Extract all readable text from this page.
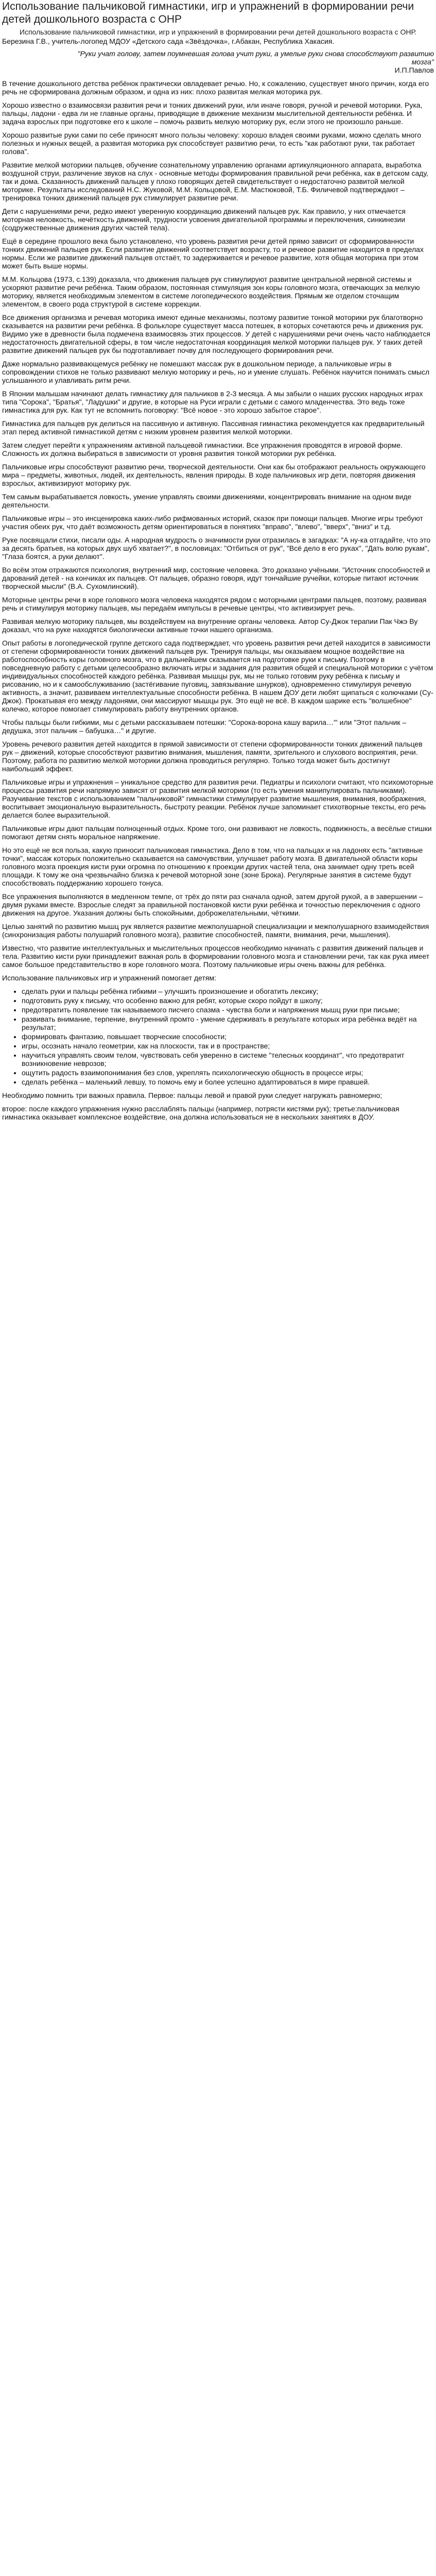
Использование пальчиковой гимнастики, игр и упражнений в формировании речи детей дошкольного возраста с ОНР
Использование пальчиковой гимнастики, игр и упражнений в формировании речи детей дошкольного возраста с ОНР.
Березина Г.В., учитель-логопед МДОУ «Детского сада «Звёздочка», г.Абакан, Республика Хакасия.
"Руки учат голову, затем поумневшая голова учит руки, а умелые руки снова способствуют развитию мозга"
И.П.Павлов

В течение дошкольного детства ребёнок практически овладевает речью. Но, к сожалению, существует много причин, когда его речь не сформирована должным образом, и одна из них: плохо развитая мелкая моторика рук.

Хорошо известно о взаимосвязи развития речи и тонких движений руки, или иначе говоря, ручной и речевой моторики. Рука, пальцы, ладони - едва ли не главные органы, приводящие в движение механизм мыслительной деятельности ребёнка. И задача взрослых при подготовке его к школе – помочь развить мелкую моторику рук, если этого не произошло раньше.

Хорошо развитые руки сами по себе приносят много пользы человеку: хорошо владея своими руками, можно сделать много полезных и нужных вещей, а развитая моторика рук способствует развитию речи, то есть "как работают руки, так работает голова".

Развитие мелкой моторики пальцев, обучение сознательному управлению органами артикуляционного аппарата, выработка воздушной струи, различение звуков на слух - основные методы формирования правильной речи ребёнка, как в детском саду, так и дома. Сказанность движений пальцев у плохо говорящих детей свидетельствует о недостаточно развитой мелкой моторике. Результаты исследований Н.С. Жуковой, М.М. Кольцовой, Е.М. Мастюковой, Т.Б. Филичевой подтверждают – тренировка тонких движений пальцев рук стимулирует развитие речи.

Дети с нарушениями речи, редко имеют уверенную координацию движений пальцев рук. Как правило, у них отмечается моторная неловкость, нечёткость движений, трудности усвоения двигательной программы и переключения, синкинезии (содружественные движения других частей тела).

Ещё в середине прошлого века было установлено, что уровень развития речи детей прямо зависит от сформированности тонких движений пальцев рук. Если развитие движений соответствует возрасту, то и речевое развитие находится в пределах нормы. Если же развитие движений пальцев отстаёт, то задерживается и речевое развитие, хотя общая моторика при этом может быть выше нормы.

М.М. Кольцова (1973, с.139) доказала, что движения пальцев рук стимулируют развитие центральной нервной системы и ускоряют развитие речи ребёнка. Таким образом, постоянная стимуляция зон коры головного мозга, отвечающих за мелкую моторику, является необходимым элементом в системе логопедического воздействия. Прямым же отделом сточащим элементом, в своего рода структурой в системе коррекции.

Все движения организма и речевая моторика имеют единые механизмы, поэтому развитие тонкой моторики рук благотворно сказывается на развитии речи ребёнка. В фольклоре существует масса потешек, в которых сочетаются речь и движения рук. Видимо уже в древности была подмечена взаимосвязь этих процессов. У детей с нарушениями речи очень часто наблюдается недостаточность двигательной сферы, в том числе недостаточная координация мелкой моторики пальцев рук. У таких детей развитие движений пальцев рук бы подготавливает почву для последующего формирования речи.

Даже нормально развивающемуся ребёнку не помешают массаж рук в дошкольном периоде, а пальчиковые игры в сопровождении стихов не только развивают мелкую моторику и речь, но и умение слушать. Ребёнок научится понимать смысл услышанного и улавливать ритм речи.

В Японии малышам начинают делать гимнастику для пальчиков в 2-3 месяца. А мы забыли о наших русских народных играх типа "Сорока", "Братья", "Ладушки" и другие, в которые на Руси играли с детьми с самого младенчества. Это ведь тоже гимнастика для рук. Как тут не вспомнить поговорку: "Всё новое - это хорошо забытое старое".

Гимнастика для пальцев рук делиться на пассивную и активную. Пассивная гимнастика рекомендуется как предварительный этап перед активной гимнастикой детям с низким уровнем развития мелкой моторики.

Затем следует перейти к упражнениям активной пальцевой гимнастики. Все упражнения проводятся в игровой форме. Сложность их должна выбираться в зависимости от уровня развития тонкой моторики рук ребёнка.

Пальчиковые игры способствуют развитию речи, творческой деятельности. Они как бы отображают реальность окружающего мира – предметы, животных, людей, их деятельность, явления природы. В ходе пальчиковых игр дети, повторяя движения взрослых, активизируют моторику рук.

Тем самым вырабатывается ловкость, умение управлять своими движениями, концентрировать внимание на одном виде деятельности.

Пальчиковые игры – это инсценировка каких-либо рифмованных историй, сказок при помощи пальцев. Многие игры требуют участия обеих рук, что даёт возможность детям ориентироваться в понятиях "вправо", "влево", "вверх", "вниз" и т.д.

Руке посвящали стихи, писали оды. А народная мудрость о значимости руки отразилась в загадках: "А ну-ка отгадайте, что это за десять братьев, на которых двух шуб хватает?", в пословицах: "Отбиться от рук", "Всё дело в его руках", "Дать волю рукам", "Глаза боятся, а руки делают".

Во всём этом отражаются психология, внутренний мир, состояние человека. Это доказано учёными. "Источник способностей и дарований детей - на кончиках их пальцев. От пальцев, образно говоря, идут тончайшие ручейки, которые питают источник творческой мысли" (В.А. Сухомлинский).

Моторные центры речи в коре головного мозга человека находятся рядом с моторными центрами пальцев, поэтому, развивая речь и стимулируя моторику пальцев, мы передаём импульсы в речевые центры, что активизирует речь.

Развивая мелкую моторику пальцев, мы воздействуем на внутренние органы человека. Автор Су-Джок терапии Пак Чжэ Ву доказал, что на руке находятся биологически активные точки нашего организма.

Опыт работы в логопедической группе детского сада подтверждает, что уровень развития речи детей находится в зависимости от степени сформированности тонких движений пальцев рук. Тренируя пальцы, мы оказываем мощное воздействие на работоспособность коры головного мозга, что в дальнейшем сказывается на подготовке руки к письму. Поэтому в повседневную работу с детьми целесообразно включать игры и задания для развития общей и специальной моторики с учётом индивидуальных способностей каждого ребёнка. Развивая мышцы рук, мы не только готовим руку ребёнка к письму и рисованию, но и к самообслуживанию (застёгивание пуговиц, завязывание шнурков), одновременно стимулируя речевую активность, а значит, развиваем интеллектуальные способности ребёнка. В нашем ДОУ дети любят щипаться с колючками (Су-Джок). Прокатывая его между ладонями, они массируют мышцы рук. Это ещё не всё. В каждом шарике есть "волшебное" колечко, которое помогает стимулировать работу внутренних органов.

Чтобы пальцы были гибкими, мы с детьми рассказываем потешки: "Сорока-ворона кашу варила…"' или "Этот пальчик – дедушка, этот пальчик – бабушка…" и другие.

Уровень речевого развития детей находится в прямой зависимости от степени сформированности тонких движений пальцев рук – движений, которые способствуют развитию внимания, мышления, памяти, зрительного и слухового восприятия, речи. Поэтому, работа по развитию мелкой моторики должна проводиться регулярно. Только тогда может быть достигнут наибольший эффект.

Пальчиковые игры и упражнения – уникальное средство для развития речи. Педиатры и психологи считают, что психомоторные процессы развития речи напрямую зависят от развития мелкой моторики (то есть умения манипулировать пальчиками). Разучивание текстов с использованием "пальчиковой" гимнастики стимулирует развитие мышления, внимания, воображения, воспитывает эмоциональную выразительность, быстроту реакции. Ребёнок лучше запоминает стихотворные тексты, его речь делается более выразительной.

Пальчиковые игры дают пальцам полноценный отдых. Кроме того, они развивают не ловкость, подвижность, а весёлые стишки помогают детям снять моральное напряжение.

Но это ещё не вся польза, какую приносит пальчиковая гимнастика. Дело в том, что на пальцах и на ладонях есть "активные точки", массаж которых положительно сказывается на самочувствии, улучшает работу мозга. В двигательной области коры головного мозга проекция кисти руки огромна по отношению к проекции других частей тела, она занимает одну треть всей площади. К тому же она чрезвычайно близка к речевой моторной зоне (зоне Брока). Регулярные занятия в системе будут способствовать поддержанию хорошего тонуса.

Все упражнения выполняются в медленном темпе, от трёх до пяти раз сначала одной, затем другой рукой, а в завершении – двумя руками вместе. Взрослые следят за правильной постановкой кисти руки ребёнка и точностью переключения с одного движения на другое. Указания должны быть спокойными, доброжелательными, чёткими.

Целью занятий по развитию мышц рук является развитие межполушарной специализации и межполушарного взаимодействия (синхронизация работы полушарий головного мозга), развитие способностей, памяти, внимания, речи, мышления).

Известно, что развитие интеллектуальных и мыслительных процессов необходимо начинать с развития движений пальцев и тела. Развитию кисти руки принадлежит важная роль в формировании головного мозга и становлении речи, так как рука имеет самое большое представительство в коре головного мозга. Поэтому пальчиковые игры очень важны для ребёнка.

Использование пальчиковых игр и упражнений помогает детям:

• сделать руки и пальцы ребёнка гибкими – улучшить произношение и обогатить лексику;
• подготовить руку к письму, что особенно важно для ребят, которые скоро пойдут в школу;
• предотвратить появление так называемого писчего спазма - чувства боли и напряжения мышц руки при письме;
• развивать внимание, терпение, внутренний промто - умение сдерживать в результате которых игра ребёнка ведёт на результат;
• формировать фантазию, повышает творческие способности;
• игры, осознать начало геометрии, как на плоскости, так и в пространстве;
• научиться управлять своим телом, чувствовать себя уверенно в системе "телесных координат", что предотвратит возникновение неврозов;
• ощутить радость взаимопонимания без слов, укреплять психологическую общность в процессе игры;
• сделать ребёнка – маленький левшу, то помочь ему и более успешно адаптироваться в мире правшей.

Необходимо помнить три важных правила. Первое: пальцы левой и правой руки следует нагружать равномерно;

второе: после каждого упражнения нужно расслаблять пальцы (например, потрясти кистями рук); третье:пальчиковая гимнастика оказывает комплексное воздействие, она должна использоваться не в нескольких занятиях в ДОУ.
